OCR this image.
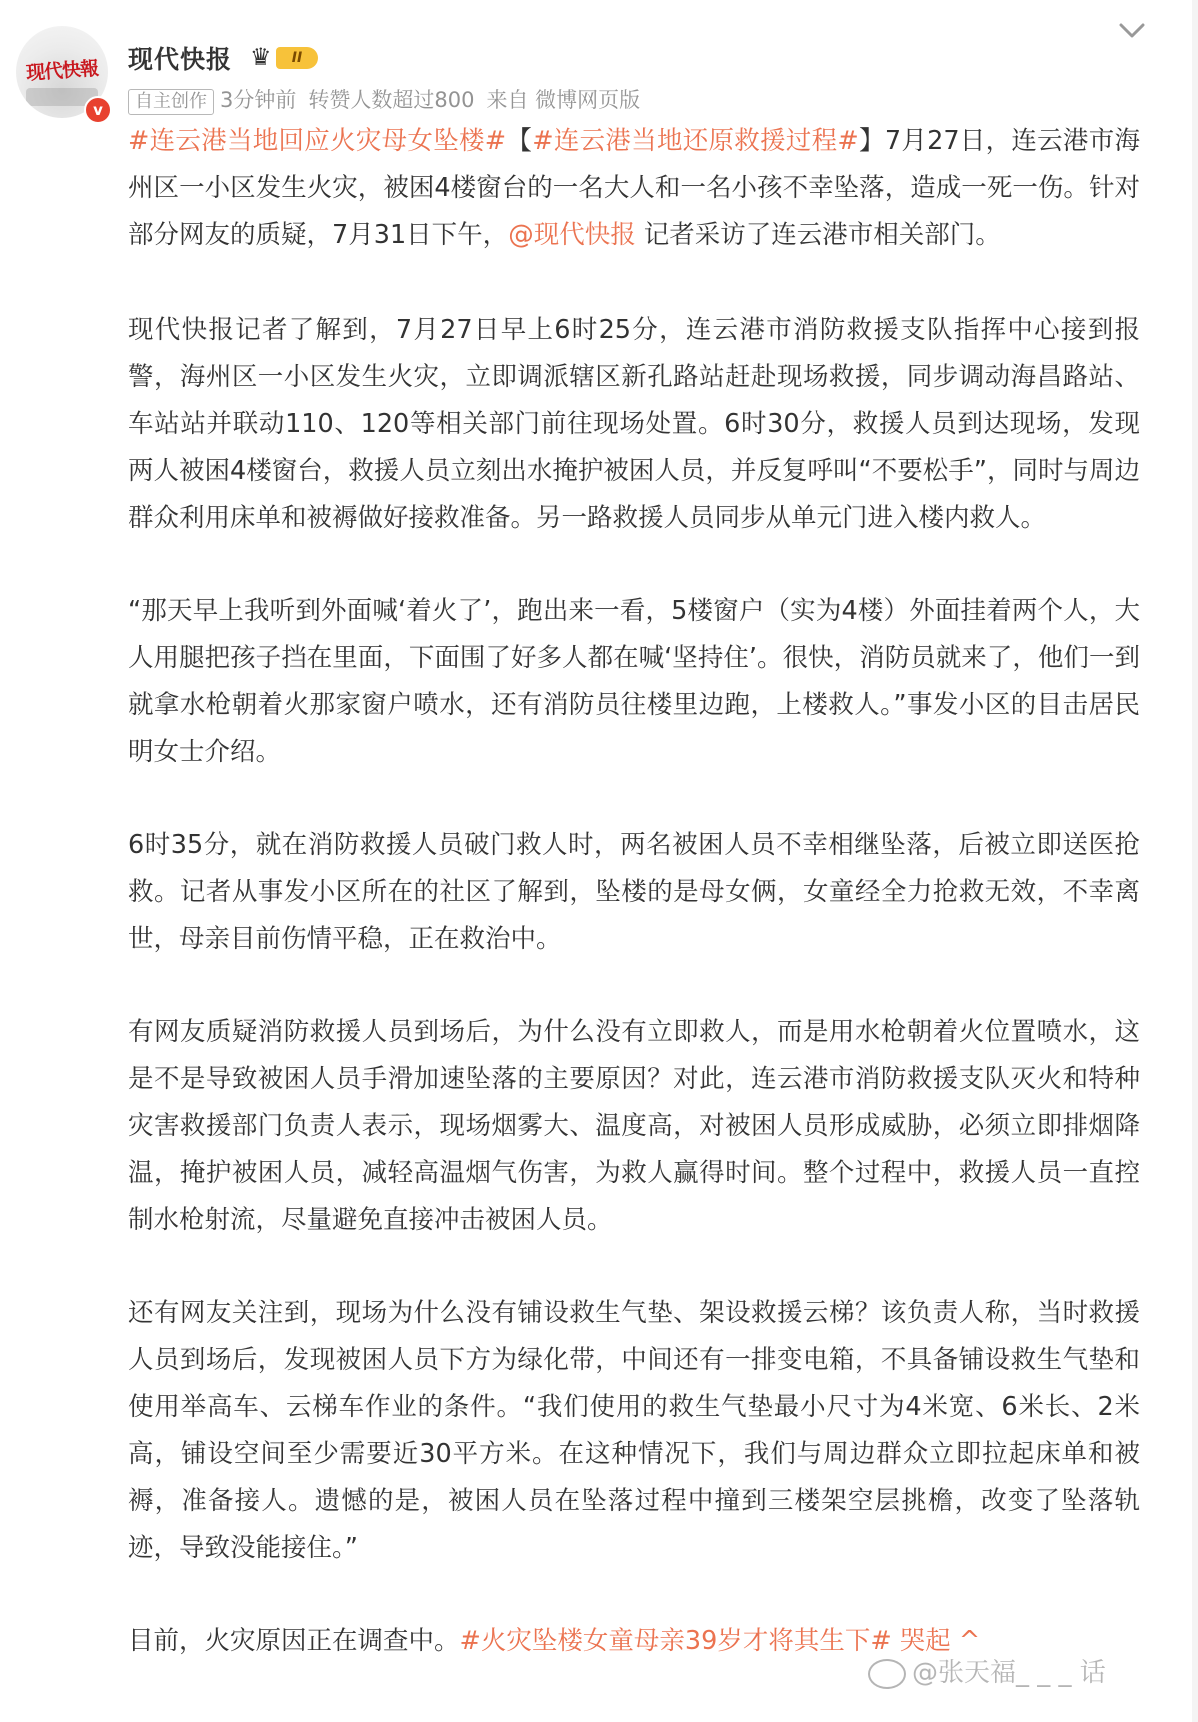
现代快報
v
现代快报 ♛	II
自主创作 3分钟前 转赞人数超过800 来自 微博网页版

#连云港当地回应火灾母女坠楼#【#连云港当地还原救援过程#】7月27日，连云港市海州区一小区发生火灾，被困4楼窗台的一名大人和一名小孩不幸坠落，造成一死一伤。针对部分网友的质疑，7月31日下午，@现代快报 记者采访了连云港市相关部门。

现代快报记者了解到，7月27日早上6时25分，连云港市消防救援支队指挥中心接到报警，海州区一小区发生火灾，立即调派辖区新孔路站赶赴现场救援，同步调动海昌路站、车站站并联动110、120等相关部门前往现场处置。6时30分，救援人员到达现场，发现两人被困4楼窗台，救援人员立刻出水掩护被困人员，并反复呼叫“不要松手”，同时与周边群众利用床单和被褥做好接救准备。另一路救援人员同步从单元门进入楼内救人。

“那天早上我听到外面喊‘着火了’，跑出来一看，5楼窗户（实为4楼）外面挂着两个人，大人用腿把孩子挡在里面，下面围了好多人都在喊‘坚持住’。很快，消防员就来了，他们一到就拿水枪朝着火那家窗户喷水，还有消防员往楼里边跑，上楼救人。”事发小区的目击居民明女士介绍。

6时35分，就在消防救援人员破门救人时，两名被困人员不幸相继坠落，后被立即送医抢救。记者从事发小区所在的社区了解到，坠楼的是母女俩，女童经全力抢救无效，不幸离世，母亲目前伤情平稳，正在救治中。

有网友质疑消防救援人员到场后，为什么没有立即救人，而是用水枪朝着火位置喷水，这是不是导致被困人员手滑加速坠落的主要原因？对此，连云港市消防救援支队灭火和特种灾害救援部门负责人表示，现场烟雾大、温度高，对被困人员形成威胁，必须立即排烟降温，掩护被困人员，减轻高温烟气伤害，为救人赢得时间。整个过程中，救援人员一直控制水枪射流，尽量避免直接冲击被困人员。

还有网友关注到，现场为什么没有铺设救生气垫、架设救援云梯？该负责人称，当时救援人员到场后，发现被困人员下方为绿化带，中间还有一排变电箱，不具备铺设救生气垫和使用举高车、云梯车作业的条件。“我们使用的救生气垫最小尺寸为4米宽、6米长、2米高，铺设空间至少需要近30平方米。在这种情况下，我们与周边群众立即拉起床单和被褥，准备接人。遗憾的是，被困人员在坠落过程中撞到三楼架空层挑檐，改变了坠落轨迹，导致没能接住。”

目前，火灾原因正在调查中。#火灾坠楼女童母亲39岁才将其生下# 哭起 ^

@张天福_ _ _ 话
